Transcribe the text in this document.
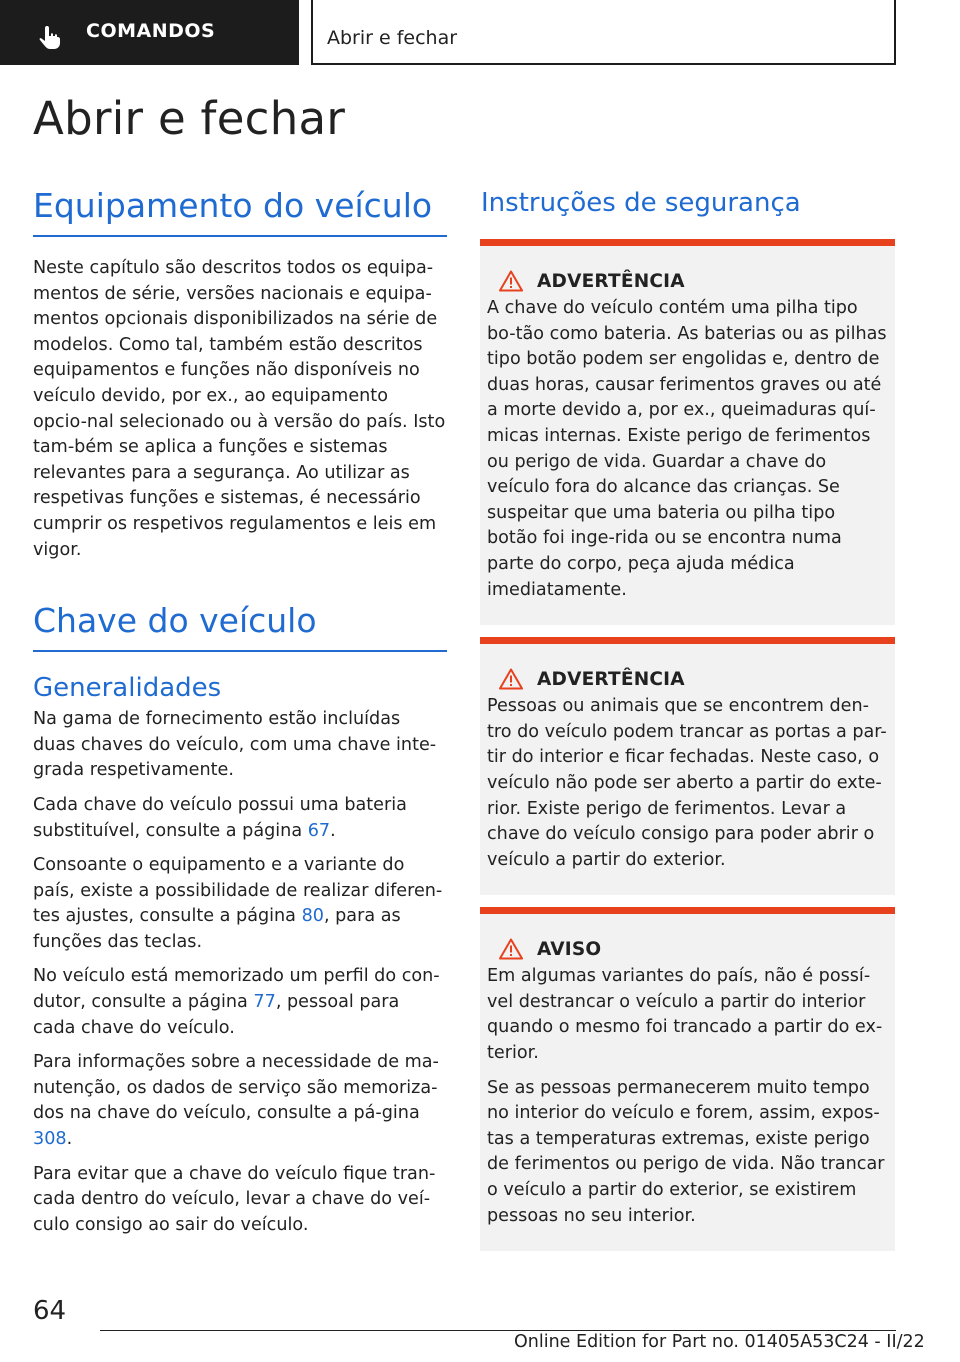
COMANDOS	Abrir e fechar
Abrir e fechar
Equipamento do veículo

Neste capítulo são descritos todos os equipa-mentos de série, versões nacionais e equipa-mentos opcionais disponibilizados na série de modelos. Como tal, também estão descritos equipamentos e funções não disponíveis no veículo devido, por ex., ao equipamento opcio-nal selecionado ou à versão do país. Isto tam-bém se aplica a funções e sistemas relevantes para a segurança. Ao utilizar as respetivas funções e sistemas, é necessário cumprir os respetivos regulamentos e leis em vigor.

Chave do veículo
Generalidades

Na gama de fornecimento estão incluídas duas chaves do veículo, com uma chave inte-grada respetivamente.

Cada chave do veículo possui uma bateria substituível, consulte a página 67.

Consoante o equipamento e a variante do país, existe a possibilidade de realizar diferen-tes ajustes, consulte a página 80, para as funções das teclas.

No veículo está memorizado um perfil do con-dutor, consulte a página 77, pessoal para cada chave do veículo.

Para informações sobre a necessidade de ma-nutenção, os dados de serviço são memoriza-dos na chave do veículo, consulte a pá-gina 308.

Para evitar que a chave do veículo fique tran-cada dentro do veículo, levar a chave do veí-culo consigo ao sair do veículo.

Instruções de segurança
ADVERTÊNCIA

A chave do veículo contém uma pilha tipo bo-tão como bateria. As baterias ou as pilhas tipo botão podem ser engolidas e, dentro de duas horas, causar ferimentos graves ou até a morte devido a, por ex., queimaduras quí-micas internas. Existe perigo de ferimentos ou perigo de vida. Guardar a chave do veículo fora do alcance das crianças. Se suspeitar que uma bateria ou pilha tipo botão foi inge-rida ou se encontra numa parte do corpo, peça ajuda médica imediatamente.

ADVERTÊNCIA

Pessoas ou animais que se encontrem den-tro do veículo podem trancar as portas a par-tir do interior e ficar fechadas. Neste caso, o veículo não pode ser aberto a partir do exte-rior. Existe perigo de ferimentos. Levar a chave do veículo consigo para poder abrir o veículo a partir do exterior.

AVISO

Em algumas variantes do país, não é possí-vel destrancar o veículo a partir do interior quando o mesmo foi trancado a partir do ex-terior.

Se as pessoas permanecerem muito tempo no interior do veículo e forem, assim, expos-tas a temperaturas extremas, existe perigo de ferimentos ou perigo de vida. Não trancar o veículo a partir do exterior, se existirem pessoas no seu interior.

64
Online Edition for Part no. 01405A53C24 - II/22
